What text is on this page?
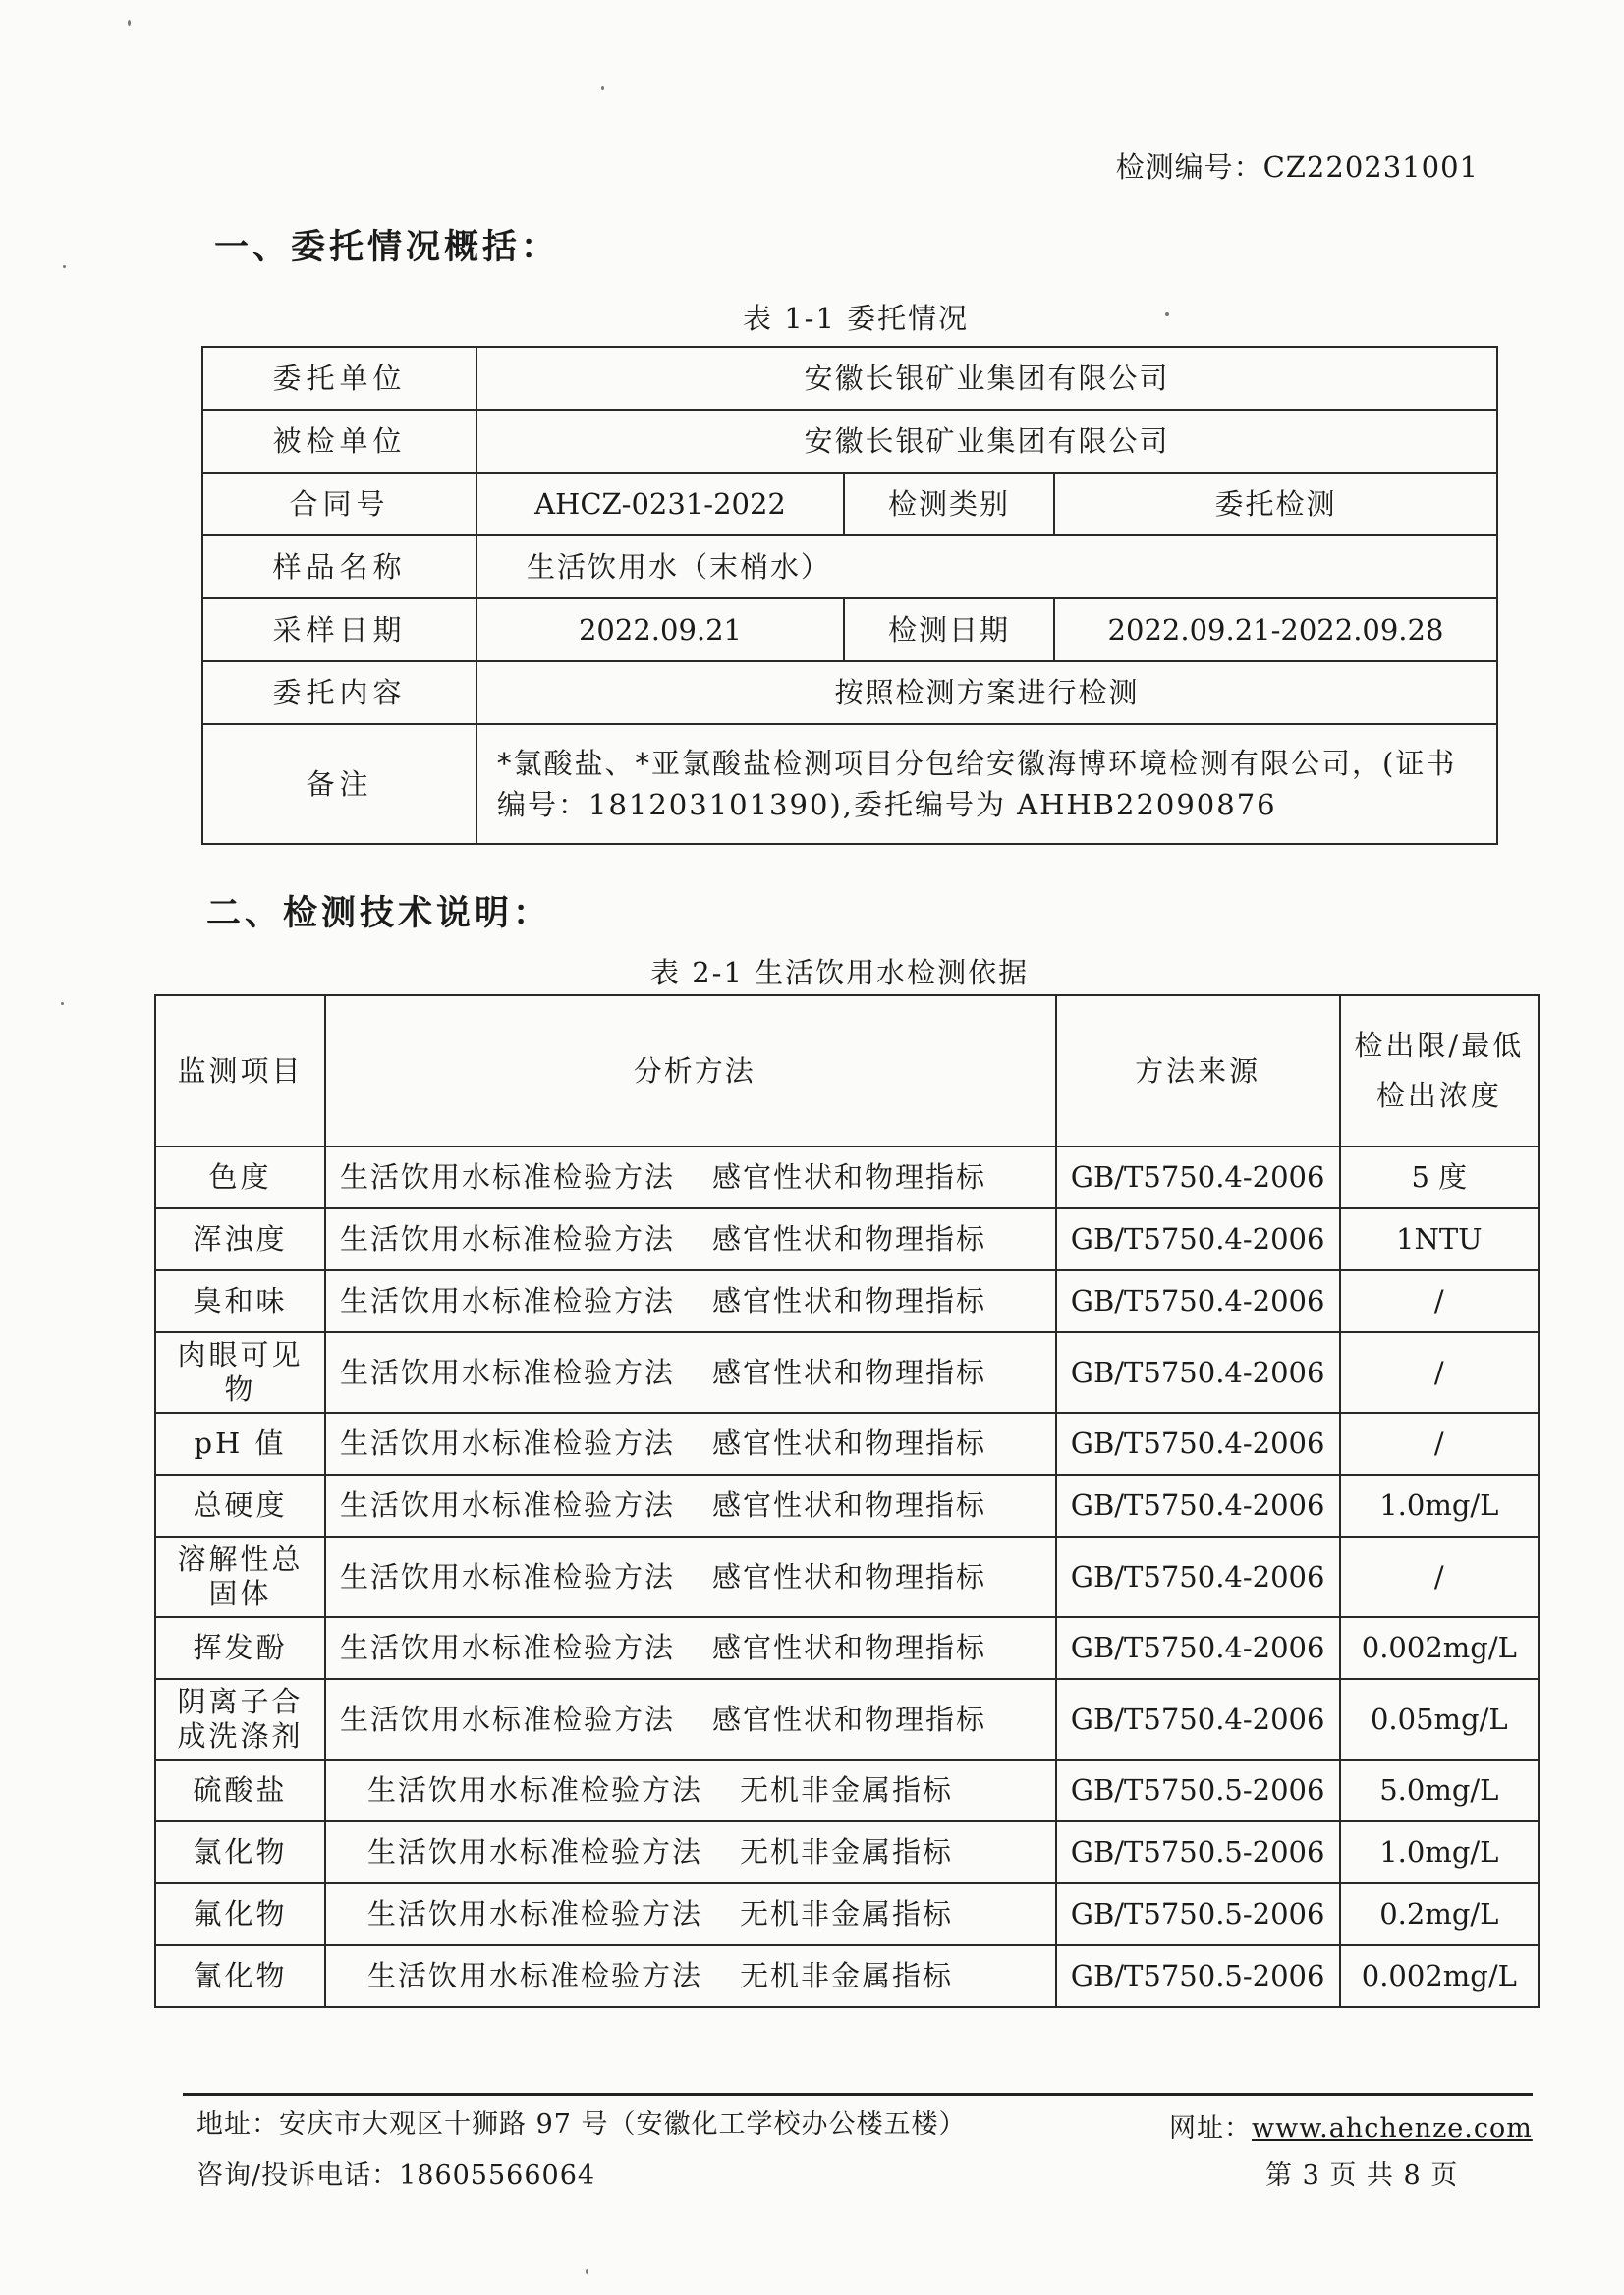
检测编号：CZ220231001
一、委托情况概括：
表 1-1 委托情况
委托单位	安徽长银矿业集团有限公司		
被检单位	安徽长银矿业集团有限公司		
合同号	AHCZ-0231-2022	检测类别	委托检测
样品名称	生活饮用水（末梢水）		
采样日期	2022.09.21	检测日期	2022.09.21-2022.09.28
委托内容	按照检测方案进行检测		
备注	*氯酸盐、*亚氯酸盐检测项目分包给安徽海博环境检测有限公司，(证书编号：181203101390),委托编号为 AHHB22090876		
二、检测技术说明：
表 2-1 生活饮用水检测依据
监测项目	分析方法	方法来源	检出限/最低检出浓度
色度	生活饮用水标准检验方法 感官性状和物理指标	GB/T5750.4-2006	5 度
浑浊度	生活饮用水标准检验方法 感官性状和物理指标	GB/T5750.4-2006	1NTU
臭和味	生活饮用水标准检验方法 感官性状和物理指标	GB/T5750.4-2006	/
肉眼可见物	生活饮用水标准检验方法 感官性状和物理指标	GB/T5750.4-2006	/
pH 值	生活饮用水标准检验方法 感官性状和物理指标	GB/T5750.4-2006	/
总硬度	生活饮用水标准检验方法 感官性状和物理指标	GB/T5750.4-2006	1.0mg/L
溶解性总固体	生活饮用水标准检验方法 感官性状和物理指标	GB/T5750.4-2006	/
挥发酚	生活饮用水标准检验方法 感官性状和物理指标	GB/T5750.4-2006	0.002mg/L
阴离子合成洗涤剂	生活饮用水标准检验方法 感官性状和物理指标	GB/T5750.4-2006	0.05mg/L
硫酸盐	生活饮用水标准检验方法 无机非金属指标	GB/T5750.5-2006	5.0mg/L
氯化物	生活饮用水标准检验方法 无机非金属指标	GB/T5750.5-2006	1.0mg/L
氟化物	生活饮用水标准检验方法 无机非金属指标	GB/T5750.5-2006	0.2mg/L
氰化物	生活饮用水标准检验方法 无机非金属指标	GB/T5750.5-2006	0.002mg/L
地址：安庆市大观区十狮路 97 号（安徽化工学校办公楼五楼）	网址：www.ahchenze.com
咨询/投诉电话：18605566064	第 3 页 共 8 页
